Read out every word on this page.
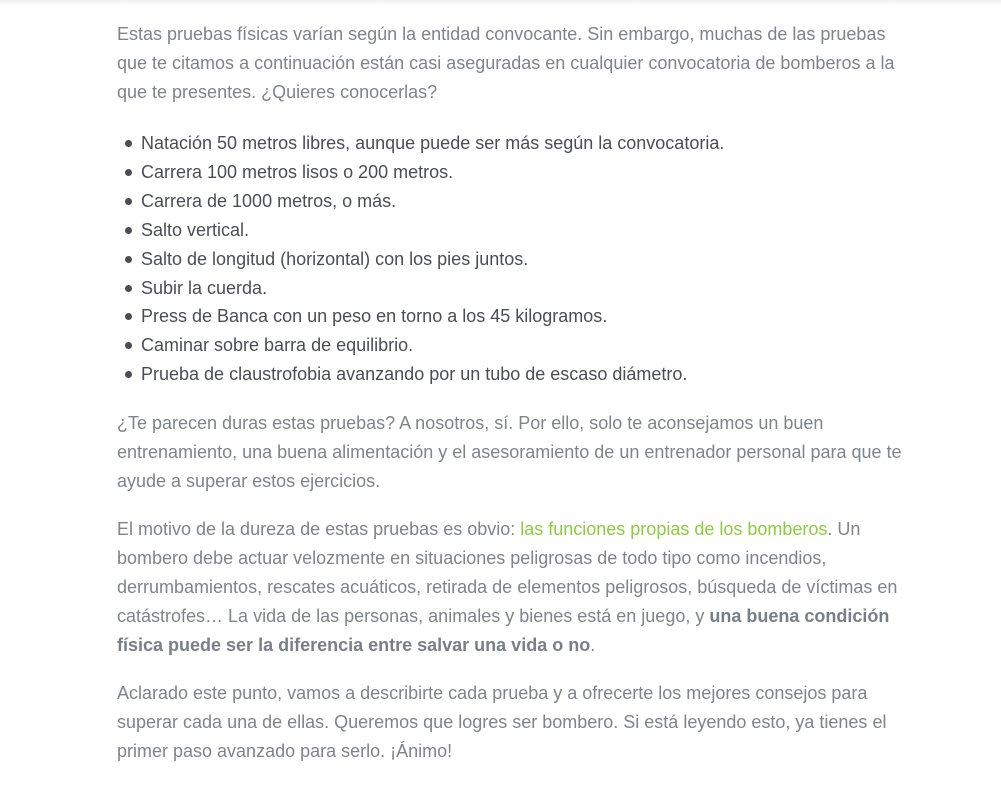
Estas pruebas físicas varían según la entidad convocante. Sin embargo, muchas de las pruebas que te citamos a continuación están casi aseguradas en cualquier convocatoria de bomberos a la que te presentes. ¿Quieres conocerlas?

Natación 50 metros libres, aunque puede ser más según la convocatoria.
Carrera 100 metros lisos o 200 metros.
Carrera de 1000 metros, o más.
Salto vertical.
Salto de longitud (horizontal) con los pies juntos.
Subir la cuerda.
Press de Banca con un peso en torno a los 45 kilogramos.
Caminar sobre barra de equilibrio.
Prueba de claustrofobia avanzando por un tubo de escaso diámetro.

¿Te parecen duras estas pruebas? A nosotros, sí. Por ello, solo te aconsejamos un buen entrenamiento, una buena alimentación y el asesoramiento de un entrenador personal para que te ayude a superar estos ejercicios.

El motivo de la dureza de estas pruebas es obvio: las funciones propias de los bomberos. Un bombero debe actuar velozmente en situaciones peligrosas de todo tipo como incendios, derrumbamientos, rescates acuáticos, retirada de elementos peligrosos, búsqueda de víctimas en catástrofes… La vida de las personas, animales y bienes está en juego, y una buena condición física puede ser la diferencia entre salvar una vida o no.

Aclarado este punto, vamos a describirte cada prueba y a ofrecerte los mejores consejos para superar cada una de ellas. Queremos que logres ser bombero. Si está leyendo esto, ya tienes el primer paso avanzado para serlo. ¡Ánimo!
